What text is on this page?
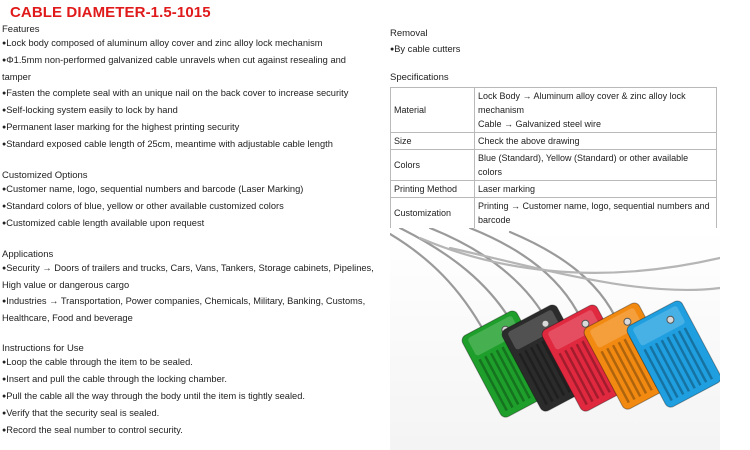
CABLE DIAMETER-1.5-1015
Features
● Lock body composed of aluminum alloy cover and zinc alloy lock mechanism
● Φ1.5mm non-performed galvanized cable unravels when cut against resealing and tamper
● Fasten the complete seal with an unique nail on the back cover to increase security
● Self-locking system easily to lock by hand
● Permanent laser marking for the highest printing security
● Standard exposed cable length of 25cm, meantime with adjustable cable length
Customized Options
● Customer name, logo, sequential numbers and barcode (Laser Marking)
● Standard colors of blue, yellow or other available customized colors
● Customized cable length available upon request
Applications
● Security → Doors of trailers and trucks, Cars, Vans, Tankers, Storage cabinets, Pipelines, High value or dangerous cargo
● Industries → Transportation, Power companies, Chemicals, Military, Banking, Customs, Healthcare, Food and beverage
Instructions for Use
● Loop the cable through the item to be sealed.
● Insert and pull the cable through the locking chamber.
● Pull the cable all the way through the body until the item is tightly sealed.
● Verify that the security seal is sealed.
● Record the seal number to control security.
Removal
● By cable cutters
Specifications
Material	Lock Body → Aluminum alloy cover & zinc alloy lock mechanism
Cable → Galvanized steel wire

Size	Check the above drawing
Colors	Blue (Standard), Yellow (Standard) or other available colors
Printing Method	Laser marking
Customization	Printing → Customer name, logo, sequential numbers and barcode
